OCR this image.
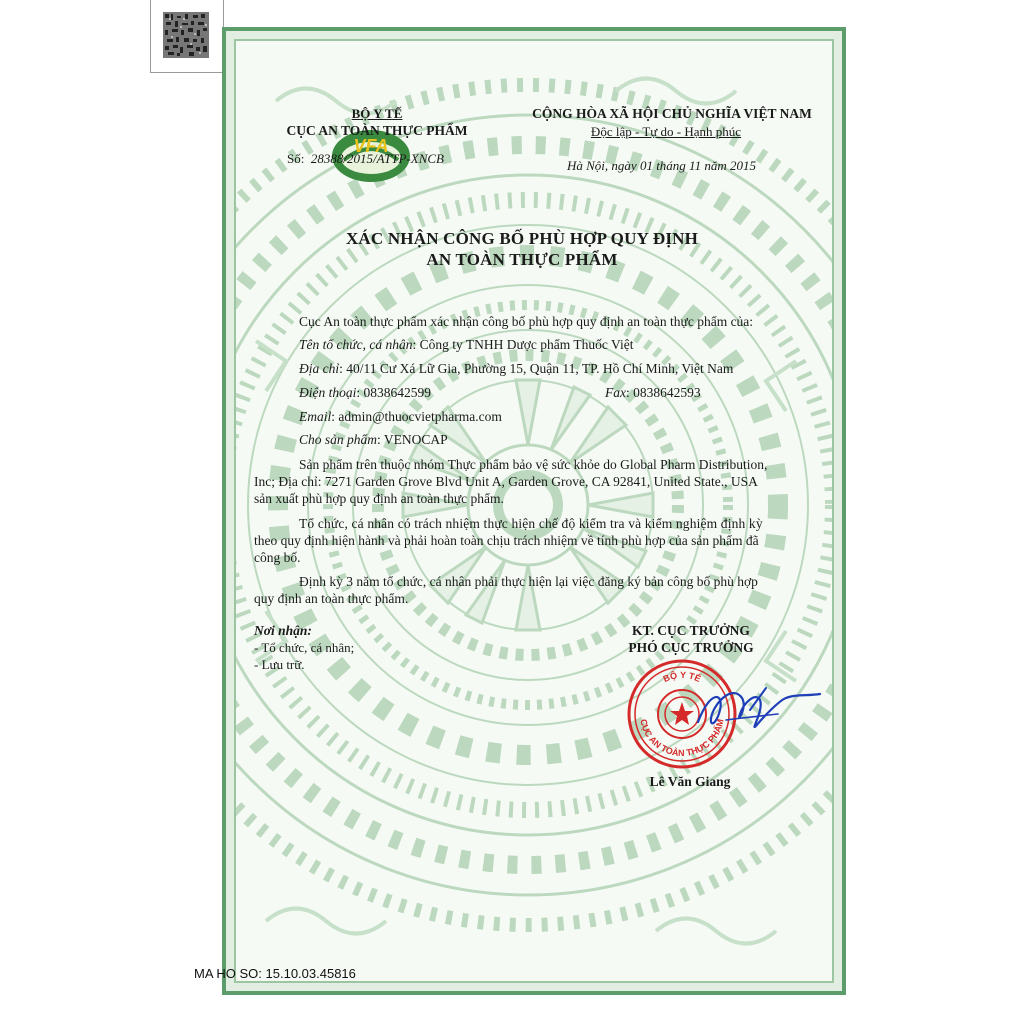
VFA
BỘ Y TẾ
CỤC AN TOÀN THỰC PHẨM
Số: 28388/2015/ATTP-XNCB
CỘNG HÒA XÃ HỘI CHỦ NGHĨA VIỆT NAM
Độc lập - Tự do - Hạnh phúc
Hà Nội, ngày 01 tháng 11 năm 2015
XÁC NHẬN CÔNG BỐ PHÙ HỢP QUY ĐỊNH
AN TOÀN THỰC PHẨM
Cục An toàn thực phẩm xác nhận công bố phù hợp quy định an toàn thực phẩm của:
Tên tổ chức, cá nhân: Công ty TNHH Dược phẩm Thuốc Việt
Địa chỉ: 40/11 Cư Xá Lữ Gia, Phường 15, Quận 11, TP. Hồ Chí Minh, Việt Nam
Điện thoại: 0838642599	Fax: 0838642593
Email: admin@thuocvietpharma.com
Cho sản phẩm: VENOCAP
Sản phẩm trên thuộc nhóm Thực phẩm bảo vệ sức khỏe do Global Pharm Distribution,
Inc; Địa chỉ: 7271 Garden Grove Blvd Unit A, Garden Grove, CA 92841, United State., USA
sản xuất phù hợp quy định an toàn thực phẩm.
Tổ chức, cá nhân có trách nhiệm thực hiện chế độ kiểm tra và kiểm nghiệm định kỳ
theo quy định hiện hành và phải hoàn toàn chịu trách nhiệm về tính phù hợp của sản phẩm đã
công bố.
Định kỳ 3 năm tổ chức, cá nhân phải thực hiện lại việc đăng ký bản công bố phù hợp
quy định an toàn thực phẩm.
Nơi nhận:
- Tổ chức, cá nhân;
- Lưu trữ.
KT. CỤC TRƯỞNG
PHÓ CỤC TRƯỞNG
Lê Văn Giang
BỘ Y TẾ
CỤC AN TOÀN THỰC PHẨM
MA HO SO: 15.10.03.45816
